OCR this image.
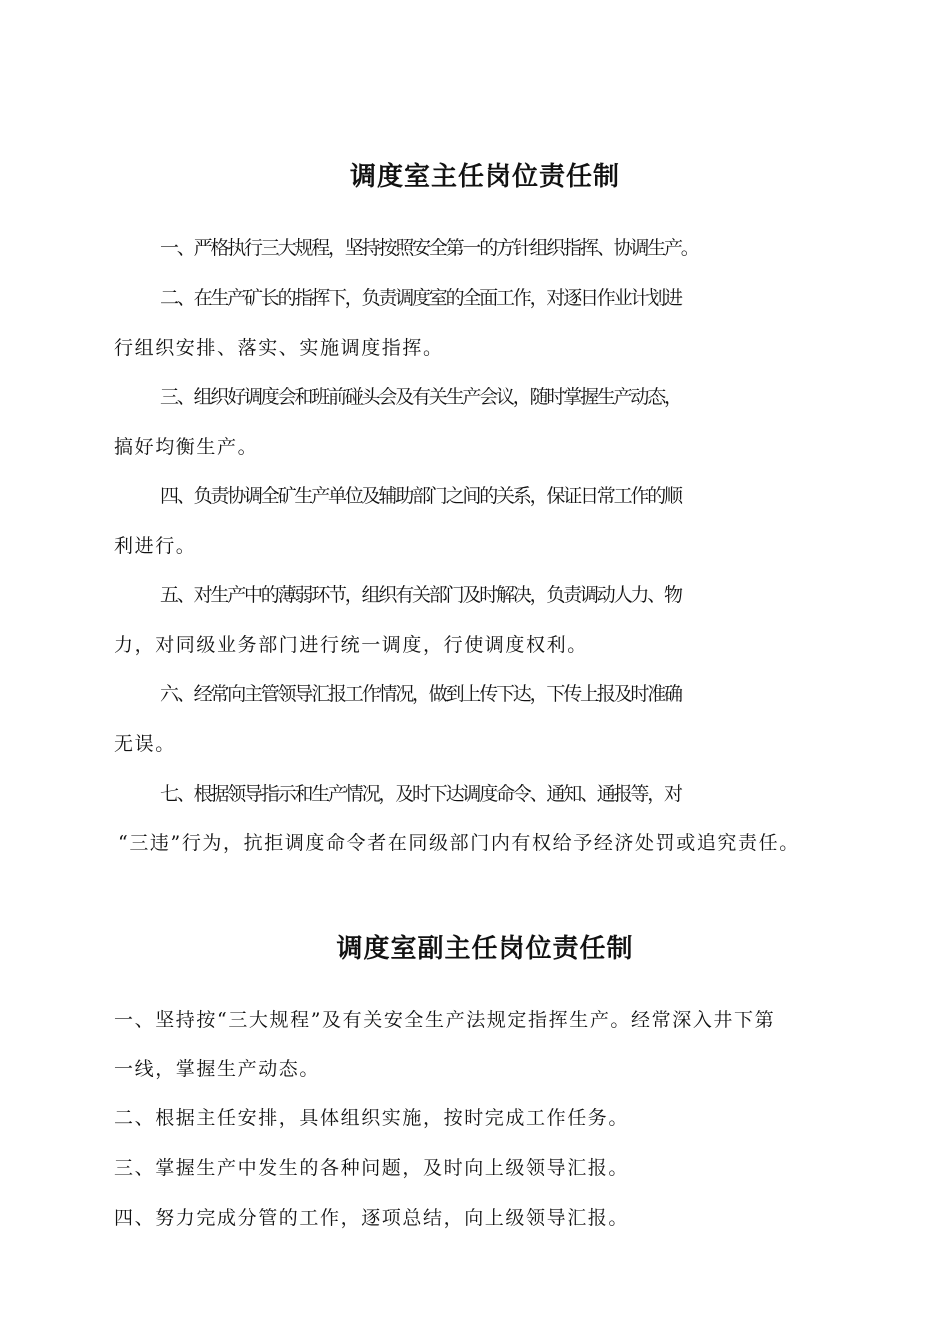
调度室主任岗位责任制

一、严格执行三大规程，坚持按照安全第一的方针组织指挥、协调生产。

二、在生产矿长的指挥下，负责调度室的全面工作，对逐日作业计划进

行组织安排、落实、实施调度指挥。

三、组织好调度会和班前碰头会及有关生产会议，随时掌握生产动态，

搞好均衡生产。

四、负责协调全矿生产单位及辅助部门之间的关系，保证日常工作的顺

利进行。

五、对生产中的薄弱环节，组织有关部门及时解决，负责调动人力、物

力，对同级业务部门进行统一调度，行使调度权利。

六、经常向主管领导汇报工作情况，做到上传下达，下传上报及时准确

无误。

七、根据领导指示和生产情况，及时下达调度命令、通知、通报等，对

“三违”行为，抗拒调度命令者在同级部门内有权给予经济处罚或追究责任。

调度室副主任岗位责任制

一、坚持按“三大规程”及有关安全生产法规定指挥生产。经常深入井下第

一线，掌握生产动态。

二、根据主任安排，具体组织实施，按时完成工作任务。

三、掌握生产中发生的各种问题，及时向上级领导汇报。

四、努力完成分管的工作，逐项总结，向上级领导汇报。
